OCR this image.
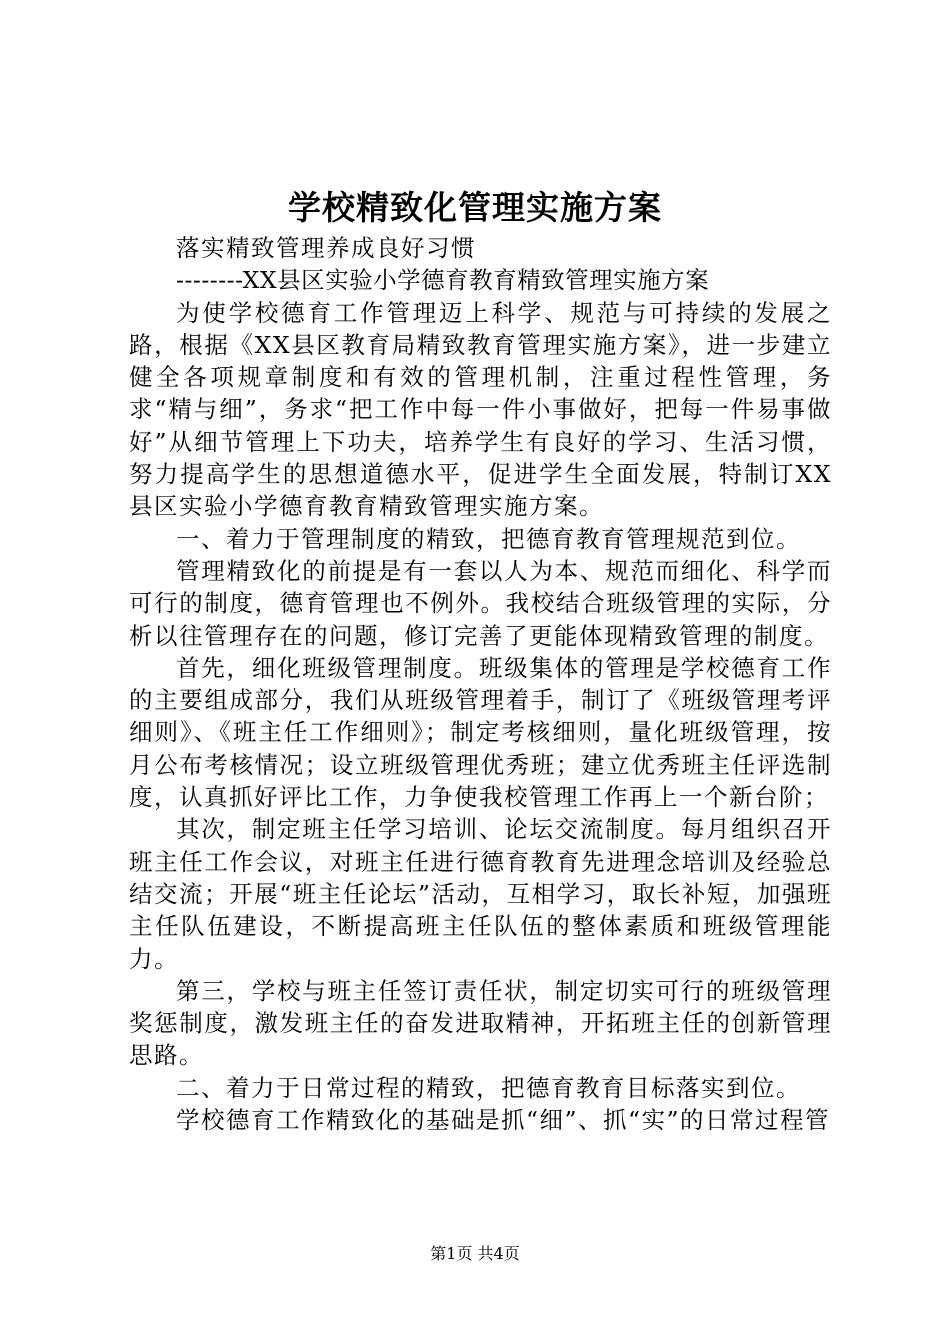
学校精致化管理实施方案

落实精致管理养成良好习惯

--------XX县区实验小学德育教育精致管理实施方案

为使学校德育工作管理迈上科学、规范与可持续的发展之路，根据《XX县区教育局精致教育管理实施方案》，进一步建立健全各项规章制度和有效的管理机制，注重过程性管理，务求“精与细”，务求“把工作中每一件小事做好，把每一件易事做好”从细节管理上下功夫，培养学生有良好的学习、生活习惯，努力提高学生的思想道德水平，促进学生全面发展，特制订XX县区实验小学德育教育精致管理实施方案。

一、着力于管理制度的精致，把德育教育管理规范到位。

管理精致化的前提是有一套以人为本、规范而细化、科学而可行的制度，德育管理也不例外。我校结合班级管理的实际，分析以往管理存在的问题，修订完善了更能体现精致管理的制度。

首先，细化班级管理制度。班级集体的管理是学校德育工作的主要组成部分，我们从班级管理着手，制订了《班级管理考评细则》、《班主任工作细则》；制定考核细则，量化班级管理，按月公布考核情况；设立班级管理优秀班；建立优秀班主任评选制度，认真抓好评比工作，力争使我校管理工作再上一个新台阶；

其次，制定班主任学习培训、论坛交流制度。每月组织召开班主任工作会议，对班主任进行德育教育先进理念培训及经验总结交流；开展“班主任论坛”活动，互相学习，取长补短，加强班主任队伍建设，不断提高班主任队伍的整体素质和班级管理能力。

第三，学校与班主任签订责任状，制定切实可行的班级管理奖惩制度，激发班主任的奋发进取精神，开拓班主任的创新管理思路。

二、着力于日常过程的精致，把德育教育目标落实到位。

学校德育工作精致化的基础是抓“细”、抓“实”的日常过程管

第1页 共4页
